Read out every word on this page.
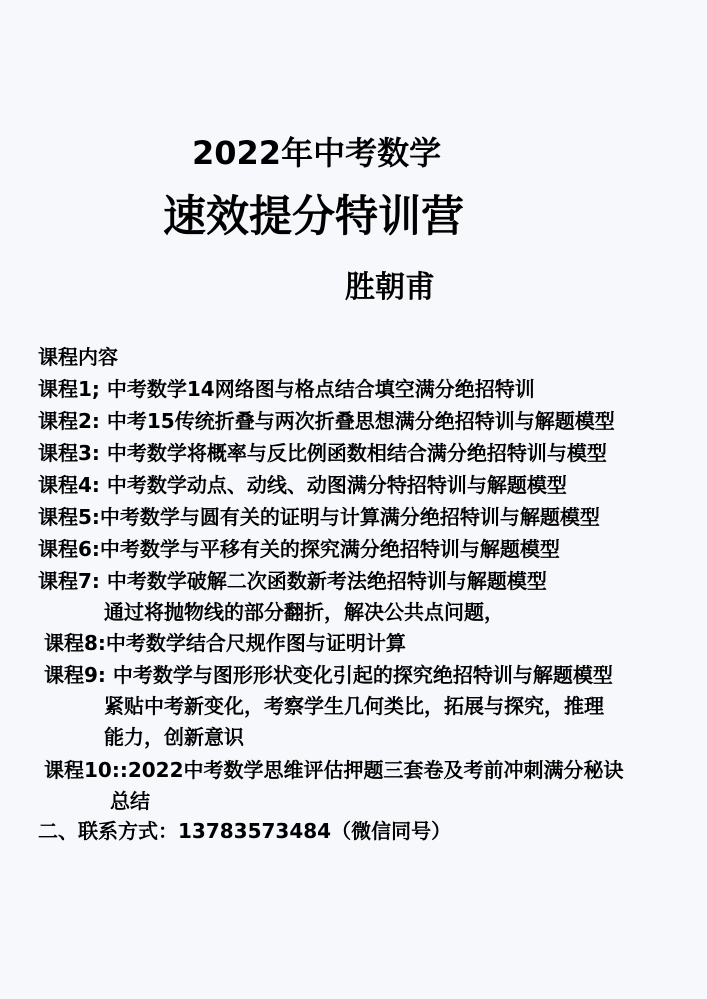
2022年中考数学
速效提分特训营
胜朝甫
课程内容
课程1; 中考数学14网络图与格点结合填空满分绝招特训
课程2: 中考15传统折叠与两次折叠思想满分绝招特训与解题模型
课程3: 中考数学将概率与反比例函数相结合满分绝招特训与模型
课程4: 中考数学动点、动线、动图满分特招特训与解题模型
课程5:中考数学与圆有关的证明与计算满分绝招特训与解题模型
课程6:中考数学与平移有关的探究满分绝招特训与解题模型
课程7: 中考数学破解二次函数新考法绝招特训与解题模型
通过将抛物线的部分翻折，解决公共点问题，
课程8:中考数学结合尺规作图与证明计算
课程9: 中考数学与图形形状变化引起的探究绝招特训与解题模型
紧贴中考新变化，考察学生几何类比，拓展与探究，推理
能力，创新意识
课程10::2022中考数学思维评估押题三套卷及考前冲刺满分秘诀
总结
二、联系方式：13783573484（微信同号）
